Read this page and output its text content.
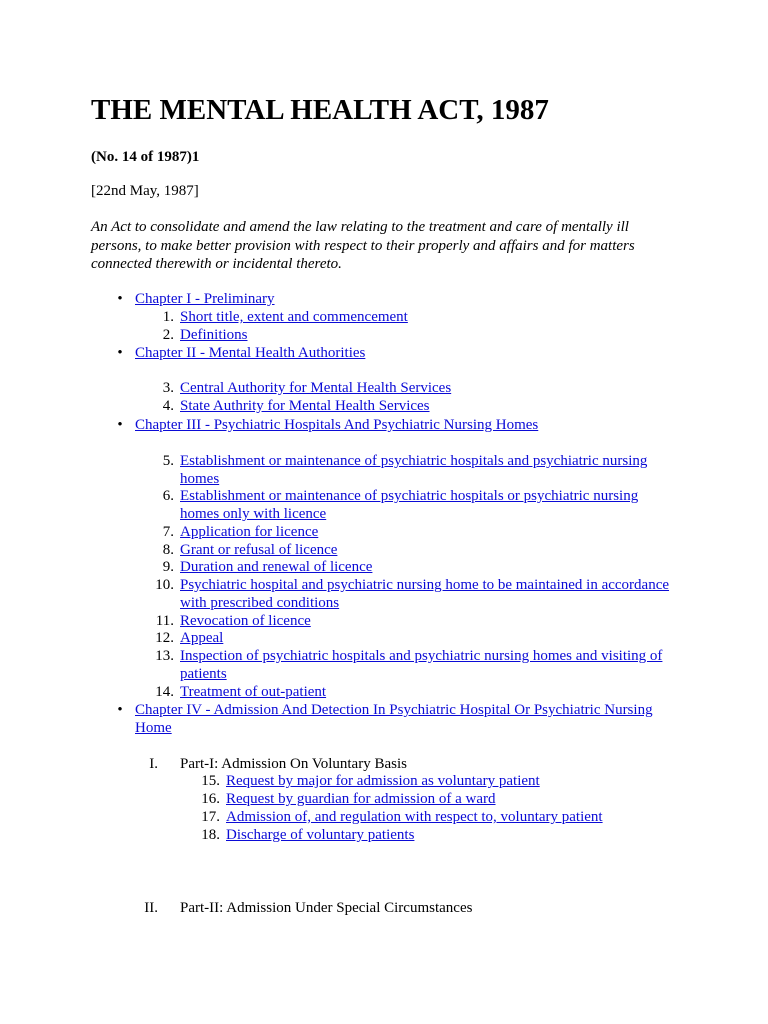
THE MENTAL HEALTH ACT, 1987
(No. 14 of 1987)1
[22nd May, 1987]
An Act to consolidate and amend the law relating to the treatment and care of mentally ill persons, to make better provision with respect to their properly and affairs and for matters connected therewith or incidental thereto.
• Chapter I - Preliminary
1. Short title, extent and commencement
2. Definitions
• Chapter II - Mental Health Authorities
3. Central Authority for Mental Health Services
4. State Authrity for Mental Health Services
• Chapter III - Psychiatric Hospitals And Psychiatric Nursing Homes
5. Establishment or maintenance of psychiatric hospitals and psychiatric nursing
homes
6. Establishment or maintenance of psychiatric hospitals or psychiatric nursing
homes only with licence
7. Application for licence
8. Grant or refusal of licence
9. Duration and renewal of licence
10. Psychiatric hospital and psychiatric nursing home to be maintained in accordance
with prescribed conditions
11. Revocation of licence
12. Appeal
13. Inspection of psychiatric hospitals and psychiatric nursing homes and visiting of
patients
14. Treatment of out-patient
• Chapter IV - Admission And Detection In Psychiatric Hospital Or Psychiatric Nursing
Home
I. Part-I: Admission On Voluntary Basis
15. Request by major for admission as voluntary patient
16. Request by guardian for admission of a ward
17. Admission of, and regulation with respect to, voluntary patient
18. Discharge of voluntary patients
II. Part-II: Admission Under Special Circumstances
